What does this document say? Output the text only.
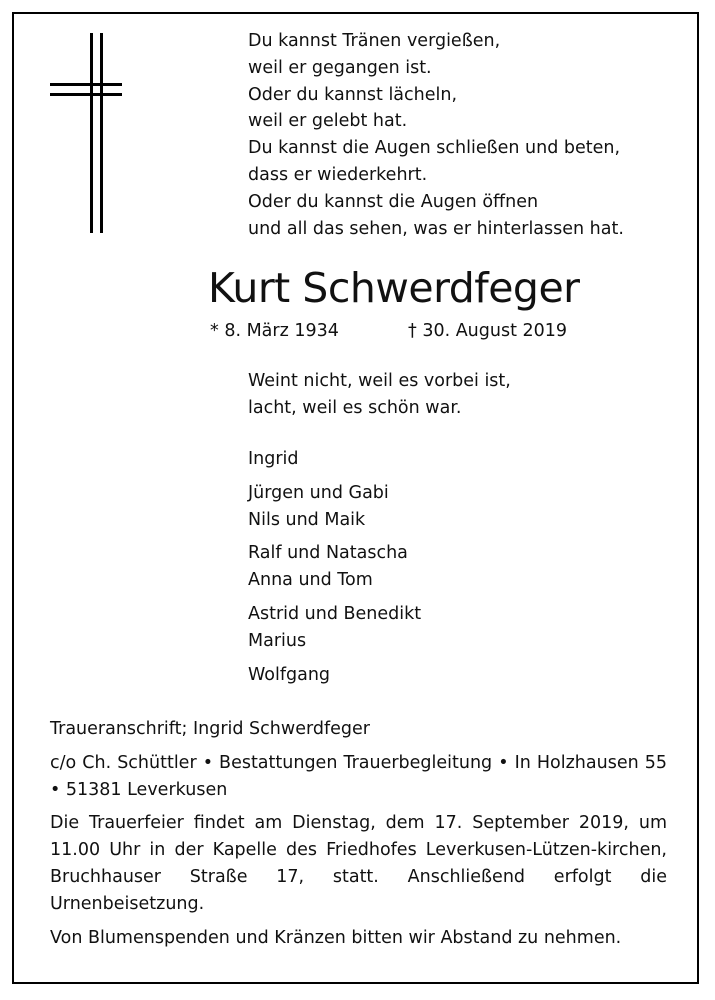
Du kannst Tränen vergießen,
weil er gegangen ist.
Oder du kannst lächeln,
weil er gelebt hat.
Du kannst die Augen schließen und beten,
dass er wiederkehrt.
Oder du kannst die Augen öffnen
und all das sehen, was er hinterlassen hat.
Kurt Schwerdfeger
* 8. März 1934	† 30. August 2019
Weint nicht, weil es vorbei ist,
lacht, weil es schön war.
Ingrid
Jürgen und Gabi
Nils und Maik
Ralf und Natascha
Anna und Tom
Astrid und Benedikt
Marius
Wolfgang

Traueranschrift; Ingrid Schwerdfeger

c/o Ch. Schüttler • Bestattungen Trauerbegleitung • In Holzhausen 55 • 51381 Leverkusen

Die Trauerfeier findet am Dienstag, dem 17. September 2019, um 11.00 Uhr in der Kapelle des Friedhofes Leverkusen-Lützen-kirchen, Bruchhauser Straße 17, statt. Anschließend erfolgt die Urnenbeisetzung.

Von Blumenspenden und Kränzen bitten wir Abstand zu nehmen.
